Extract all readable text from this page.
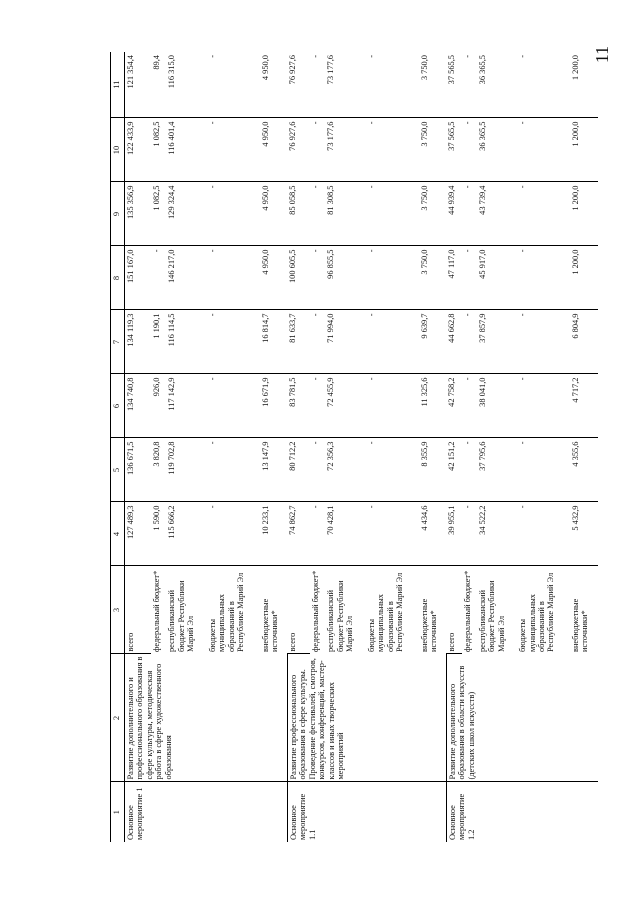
11
1	2	3	4	5	6	7	8	9	10	11
Основное мероприятие 1	Развитие дополнительного и профессионального образования в сфере культуры, методическая работа в сфере художественного образования	всего	127 489,3	136 671,5	134 740,8	134 119,3	151 167,0	135 356,9	122 433,9	121 354,4
		федеральный бюджет*	1 590,0	3 820,8	926,0	1 190,1	-	1 082,5	1 082,5	89,4
		республиканский бюджет Республики Марий Эл	115 666,2	119 702,8	117 142,9	116 114,5	146 217,0	129 324,4	116 401,4	116 315,0
		бюджеты муниципальных образований в Республике Марий Эл	-	-	-	-	-	-	-	-
		внебюджетные источники*	10 233,1	13 147,9	16 671,9	16 814,7	4 950,0	4 950,0	4 950,0	4 950,0
Основное мероприятие 1.1	Развитие профессионального образования в сфере культуры. Проведение фестивалей, смотров, конкурсов, конференций, мастер-классов и иных творческих мероприятий	всего	74 862,7	80 712,2	83 781,5	81 633,7	100 605,5	85 058,5	76 927,6	76 927,6
		федеральный бюджет*	-	-	-	-	-	-	-	-
		республиканский бюджет Республики Марий Эл	70 428,1	72 356,3	72 455,9	71 994,0	96 855,5	81 308,5	73 177,6	73 177,6
		бюджеты муниципальных образований в Республике Марий Эл	-	-	-	-	-	-	-	-
		внебюджетные источники*	4 434,6	8 355,9	11 325,6	9 639,7	3 750,0	3 750,0	3 750,0	3 750,0
Основное мероприятие 1.2	Развитие дополнительного образования в области искусств (детских школ искусств)	всего	39 955,1	42 151,2	42 758,2	44 662,8	47 117,0	44 939,4	37 565,5	37 565,5
		федеральный бюджет*	-	-	-	-	-	-	-	-
		республиканский бюджет Республики Марий Эл	34 522,2	37 795,6	38 041,0	37 857,9	45 917,0	43 739,4	36 365,5	36 365,5
		бюджеты муниципальных образований в Республике Марий Эл	-	-	-	-	-	-	-	-
		внебюджетные источники*	5 432,9	4 355,6	4 717,2	6 804,9	1 200,0	1 200,0	1 200,0	1 200,0
